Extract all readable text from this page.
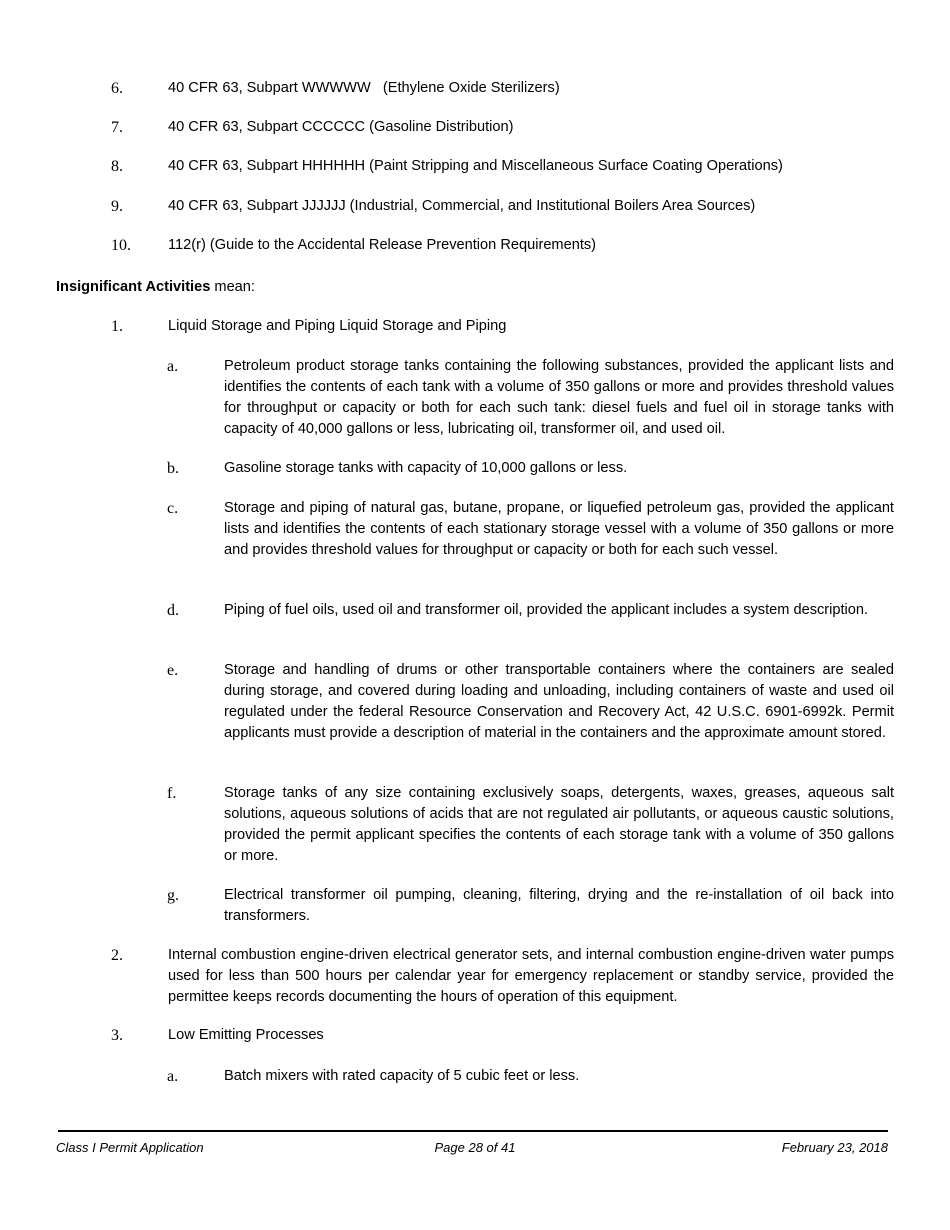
6.	40 CFR 63, Subpart WWWWW   (Ethylene Oxide Sterilizers)
7.	40 CFR 63, Subpart CCCCCC (Gasoline Distribution)
8.	40 CFR 63, Subpart HHHHHH (Paint Stripping and Miscellaneous Surface Coating Operations)
9.	40 CFR 63, Subpart JJJJJJ (Industrial, Commercial, and Institutional Boilers Area Sources)
10.	112(r) (Guide to the Accidental Release Prevention Requirements)
Insignificant Activities mean:
1.	Liquid Storage and Piping Liquid Storage and Piping
a.	Petroleum product storage tanks containing the following substances, provided the applicant lists and identifies the contents of each tank with a volume of 350 gallons or more and provides threshold values for throughput or capacity or both for each such tank: diesel fuels and fuel oil in storage tanks with capacity of 40,000 gallons or less, lubricating oil, transformer oil, and used oil.
b.	Gasoline storage tanks with capacity of 10,000 gallons or less.
c.	Storage and piping of natural gas, butane, propane, or liquefied petroleum gas, provided the applicant lists and identifies the contents of each stationary storage vessel with a volume of 350 gallons or more and provides threshold values for throughput or capacity or both for each such vessel.
d.	Piping of fuel oils, used oil and transformer oil, provided the applicant includes a system description.
e.	Storage and handling of drums or other transportable containers where the containers are sealed during storage, and covered during loading and unloading, including containers of waste and used oil regulated under the federal Resource Conservation and Recovery Act, 42 U.S.C. 6901-6992k. Permit applicants must provide a description of material in the containers and the approximate amount stored.
f.	Storage tanks of any size containing exclusively soaps, detergents, waxes, greases, aqueous salt solutions, aqueous solutions of acids that are not regulated air pollutants, or aqueous caustic solutions, provided the permit applicant specifies the contents of each storage tank with a volume of 350 gallons or more.
g.	Electrical transformer oil pumping, cleaning, filtering, drying and the re-installation of oil back into transformers.
2.	Internal combustion engine-driven electrical generator sets, and internal combustion engine-driven water pumps used for less than 500 hours per calendar year for emergency replacement or standby service, provided the permittee keeps records documenting the hours of operation of this equipment.
3.	Low Emitting Processes
a.	Batch mixers with rated capacity of 5 cubic feet or less.
Class I Permit Application	Page 28 of 41	February 23, 2018
